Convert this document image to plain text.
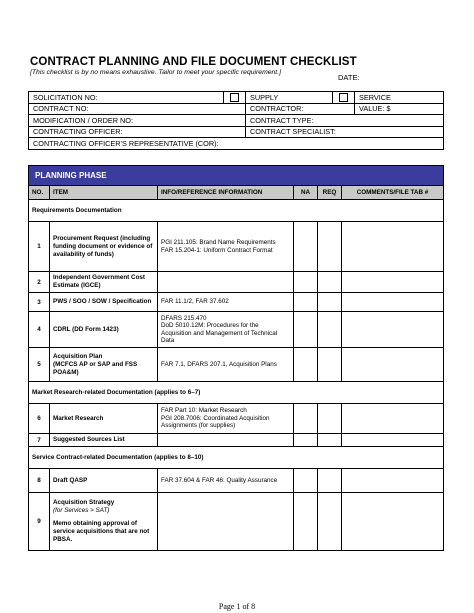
CONTRACT PLANNING AND FILE DOCUMENT CHECKLIST
[This checklist is by no means exhaustive. Tailor to meet your specific requirement.]
DATE:
SOLICITATION NO:		SUPPLY		SERVICE
CONTRACT NO:		CONTRACTOR:		VALUE: $
MODIFICATION / ORDER NO:		CONTRACT TYPE:		
CONTRACTING OFFICER:		CONTRACT SPECIALIST:		
CONTRACTING OFFICER'S REPRESENTATIVE (COR):				
PLANNING PHASE					
NO.	ITEM	INFO/REFERENCE INFORMATION	NA	REQ	COMMENTS/FILE TAB #
Requirements Documentation					
1	Procurement Request (including funding document or evidence of availability of funds)	PGI 211.105: Brand Name Requirements
FAR 15.204-1: Uniform Contract Format			
2	Independent Government Cost Estimate (IGCE)				
3	PWS / SOO / SOW / Specification	FAR 11.1/2, FAR 37.602			
4	CDRL (DD Form 1423)	DFARS 215.470
DoD 5010.12M: Procedures for the Acquisition and Management of Technical Data			
5	Acquisition Plan
(MCFCS AP or SAP and FSS POA&M)	FAR 7.1, DFARS 207.1, Acquisition Plans			
Market Research-related Documentation (applies to 6–7)					
6	Market Research	FAR Part 10: Market Research
PGI 208.7006: Coordinated Acquisition Assignments (for supplies)			
7	Suggested Sources List				
Service Contract-related Documentation (applies to 8–10)					
8	Draft QASP	FAR 37.604 & FAR 46: Quality Assurance			
9	Acquisition Strategy
(for Services > SAT)
Memo obtaining approval of service acquisitions that are not PBSA.				

Page 1 of 8
